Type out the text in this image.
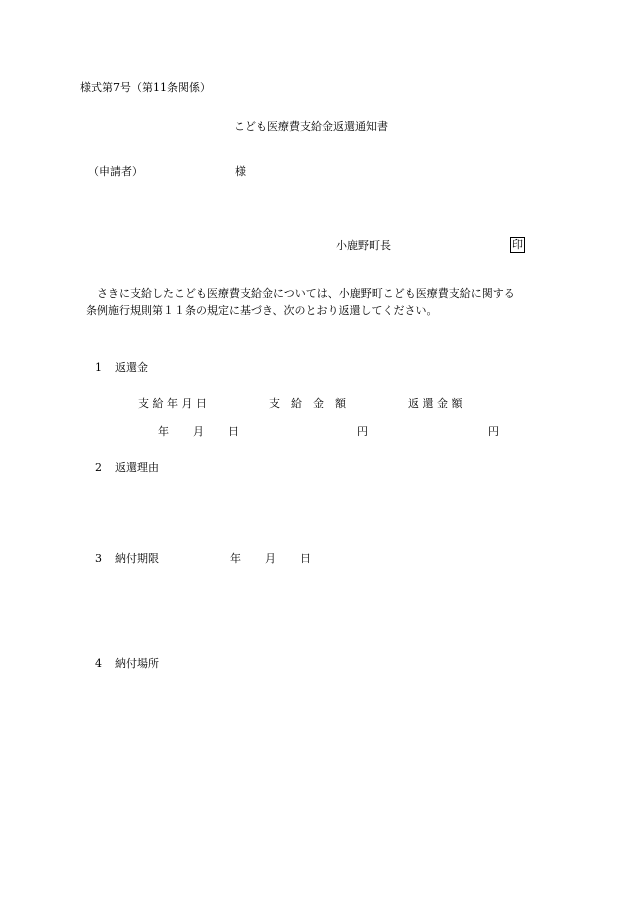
様式第7号（第11条関係）
こども医療費支給金返還通知書
（申請者）	様
小鹿野町長	印
さきに支給したこども医療費支給金については、小鹿野町こども医療費支給に関する
条例施行規則第１１条の規定に基づき、次のとおり返還してください。
1 返還金
支 給 年 月 日	支　給　金　額	返 還 金 額
年 月 日	円	円
2 返還理由
3 納付期限	年 月 日
4 納付場所
